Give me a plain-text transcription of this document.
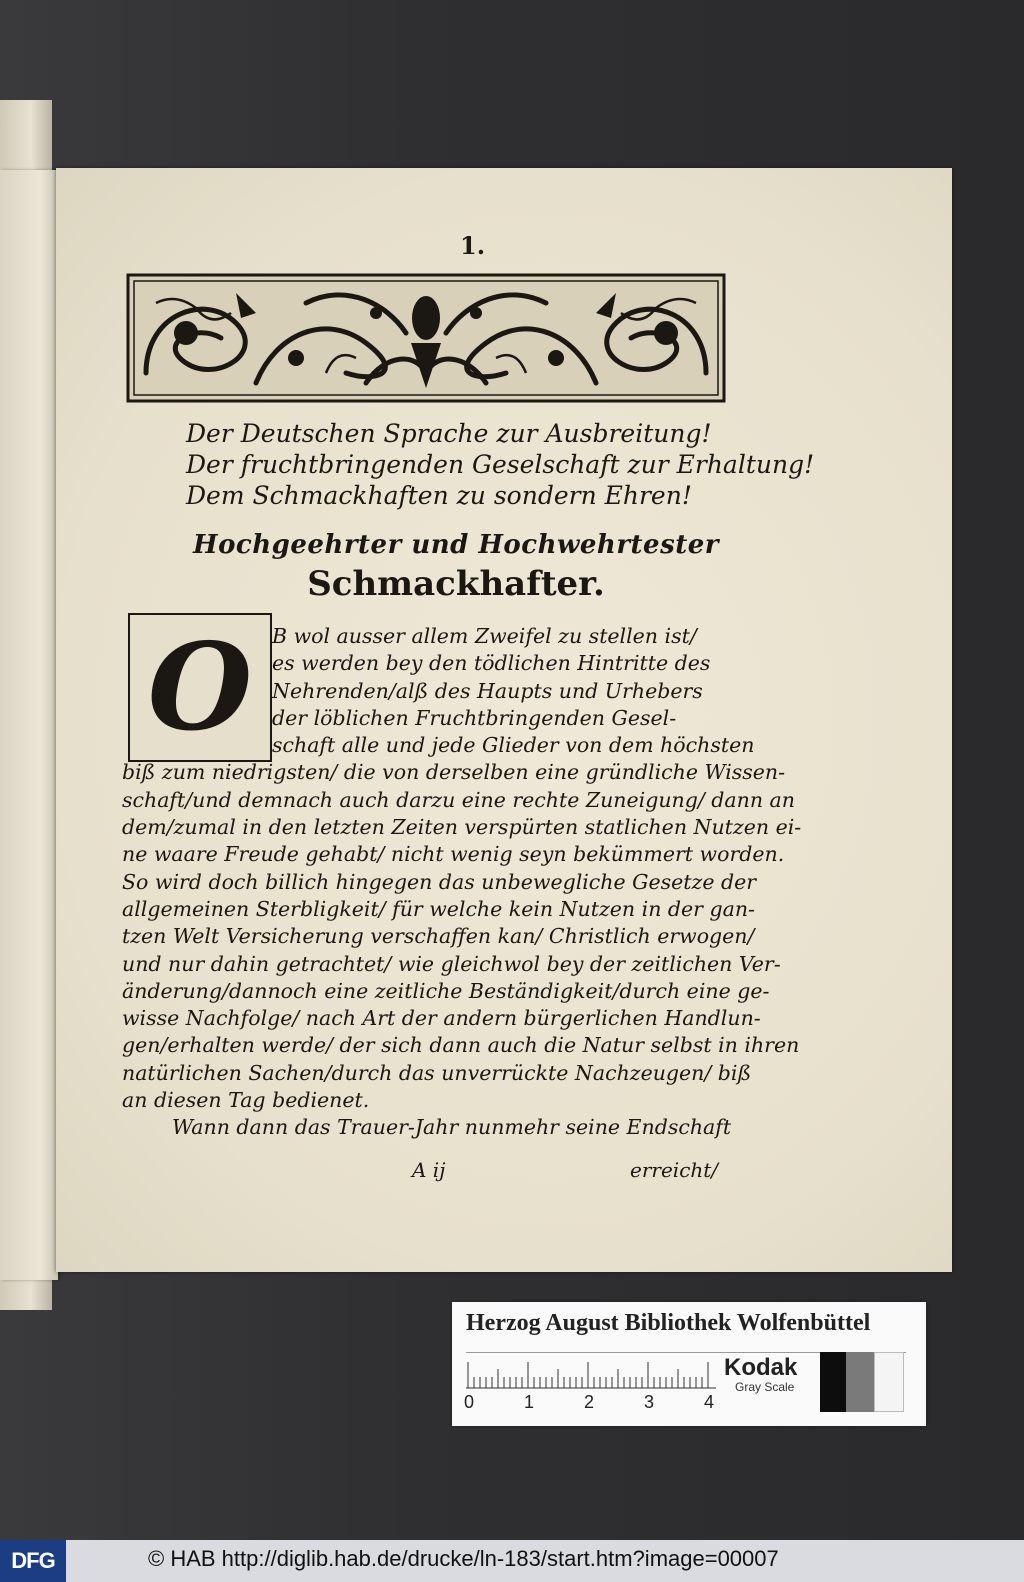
1.
Der Deutschen Sprache zur Ausbreitung!
Der fruchtbringenden Geselschaft zur Erhaltung!
Dem Schmackhaften zu sondern Ehren!
Hochgeehrter und Hochwehrtester
Schmackhafter.
O B wol ausser allem Zweifel zu stellen ist/
es werden bey den tödlichen Hintritte des
Nehrenden/alß des Haupts und Urhebers
der löblichen Fruchtbringenden Gesel-
schaft alle und jede Glieder von dem höchsten
biß zum niedrigsten/ die von derselben eine gründliche Wissen-
schaft/und demnach auch darzu eine rechte Zuneigung/ dann an
dem/zumal in den letzten Zeiten verspürten statlichen Nutzen ei-
ne waare Freude gehabt/ nicht wenig seyn bekümmert worden.
So wird doch billich hingegen das unbewegliche Gesetze der
allgemeinen Sterbligkeit/ für welche kein Nutzen in der gan-
tzen Welt Versicherung verschaffen kan/ Christlich erwogen/
und nur dahin getrachtet/ wie gleichwol bey der zeitlichen Ver-
änderung/dannoch eine zeitliche Beständigkeit/durch eine ge-
wisse Nachfolge/ nach Art der andern bürgerlichen Handlun-
gen/erhalten werde/ der sich dann auch die Natur selbst in ihren
natürlichen Sachen/durch das unverrückte Nachzeugen/ biß
an diesen Tag bedienet.
Wann dann das Trauer-Jahr nunmehr seine Endschaft
A ij	erreicht/
Herzog August Bibliothek Wolfenbüttel
0	1	2	3	4
Kodak
Gray Scale
DFG	© HAB http://diglib.hab.de/drucke/ln-183/start.htm?image=00007
